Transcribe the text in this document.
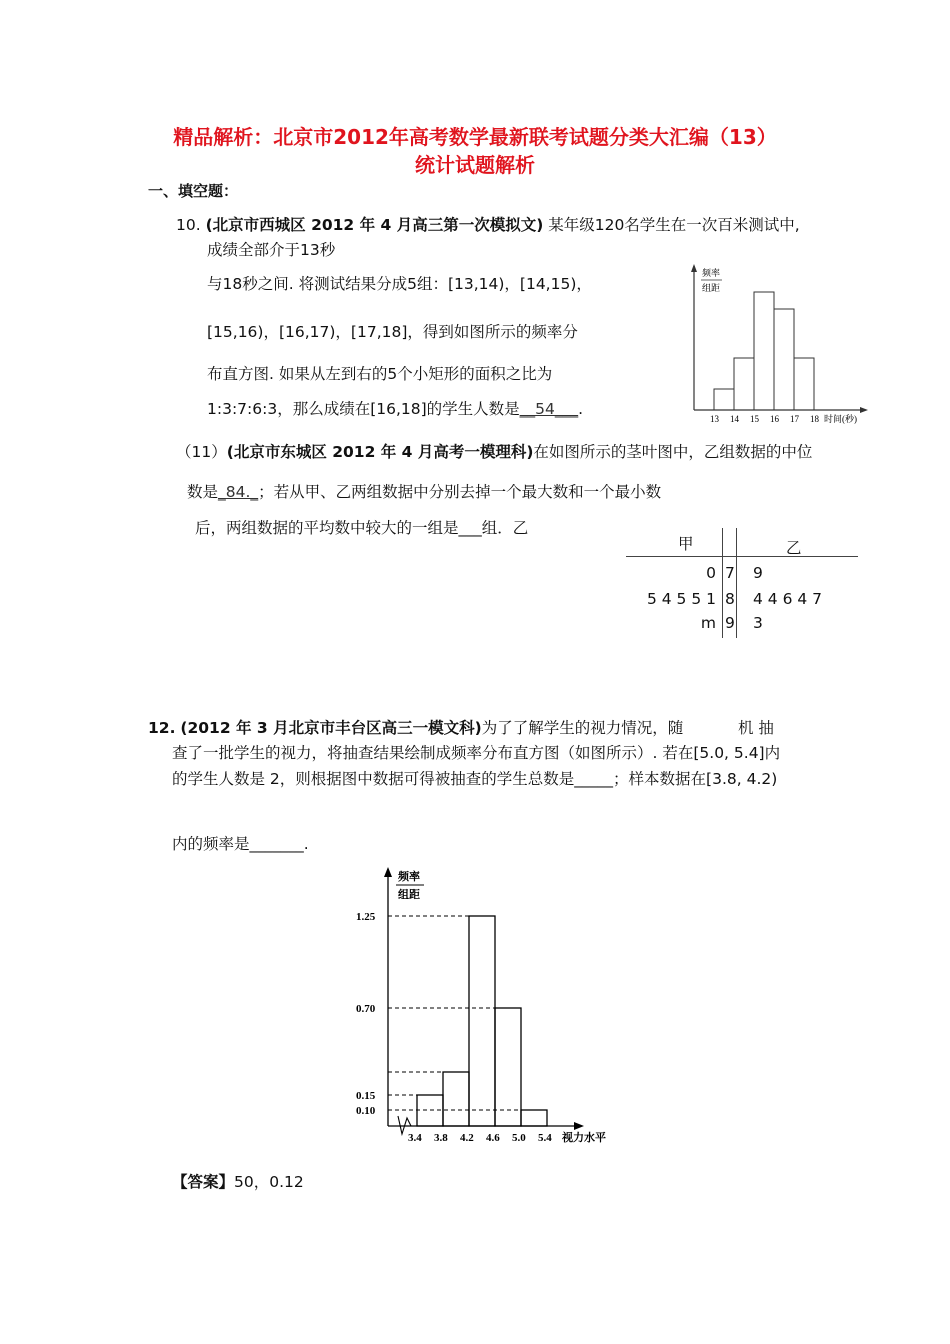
精品解析：北京市2012年高考数学最新联考试题分类大汇编（13）
统计试题解析
一、填空题：
10. (北京市西城区 2012 年 4 月高三第一次模拟文) 某年级120名学生在一次百米测试中,
成绩全部介于13秒
与18秒之间. 将测试结果分成5组：[13,14)，[14,15)，
[15,16)，[16,17)，[17,18]，得到如图所示的频率分
布直方图. 如果从左到右的5个小矩形的面积之比为
1:3:7:6:3，那么成绩在[16,18]的学生人数是__54___.
频率
组距
13 14 15 16 17 18 时间(秒)
（11）(北京市东城区 2012 年 4 月高考一模理科)在如图所示的茎叶图中，乙组数据的中位
数是_84._；若从甲、乙两组数据中分别去掉一个最大数和一个最小数
后，两组数据的平均数中较大的一组是___组．乙
甲	乙
0 7 9
5 4 5 5 1 8 4 4 6 4 7
m 9 3
12. (2012 年 3 月北京市丰台区高三一模文科)为了了解学生的视力情况，随	机 抽
查了一批学生的视力，将抽查结果绘制成频率分布直方图（如图所示）. 若在[5.0, 5.4]内
的学生人数是 2，则根据图中数据可得被抽查的学生总数是_____；样本数据在[3.8, 4.2)
内的频率是_______.
频率
组距
视力水平
0.10
0.15
0.70
1.25
3.4 3.8 4.2 4.6 5.0 5.4
【答案】50，0.12
